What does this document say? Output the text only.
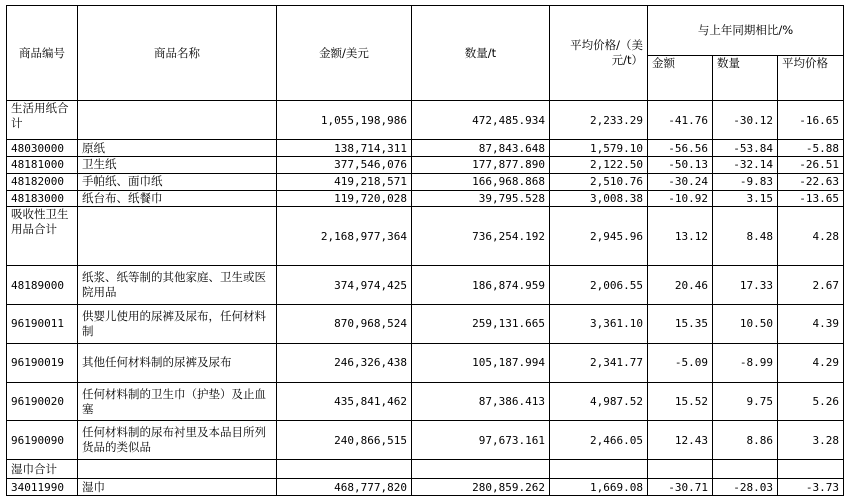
商品编号	商品名称	金额/美元	数量/t	平均价格/（美元/t）	与上年同期相比/%		
					金额	数量	平均价格
生活用纸合计		1,055,198,986	472,485.934	2,233.29	-41.76	-30.12	-16.65
48030000	原纸	138,714,311	87,843.648	1,579.10	-56.56	-53.84	-5.88
48181000	卫生纸	377,546,076	177,877.890	2,122.50	-50.13	-32.14	-26.51
48182000	手帕纸、面巾纸	419,218,571	166,968.868	2,510.76	-30.24	-9.83	-22.63
48183000	纸台布、纸餐巾	119,720,028	39,795.528	3,008.38	-10.92	3.15	-13.65
吸收性卫生用品合计		2,168,977,364	736,254.192	2,945.96	13.12	8.48	4.28
48189000	纸浆、纸等制的其他家庭、卫生或医院用品	374,974,425	186,874.959	2,006.55	20.46	17.33	2.67
96190011	供婴儿使用的尿裤及尿布，任何材料制	870,968,524	259,131.665	3,361.10	15.35	10.50	4.39
96190019	其他任何材料制的尿裤及尿布	246,326,438	105,187.994	2,341.77	-5.09	-8.99	4.29
96190020	任何材料制的卫生巾（护垫）及止血塞	435,841,462	87,386.413	4,987.52	15.52	9.75	5.26
96190090	任何材料制的尿布衬里及本品目所列货品的类似品	240,866,515	97,673.161	2,466.05	12.43	8.86	3.28
湿巾合计							
34011990	湿巾	468,777,820	280,859.262	1,669.08	-30.71	-28.03	-3.73
